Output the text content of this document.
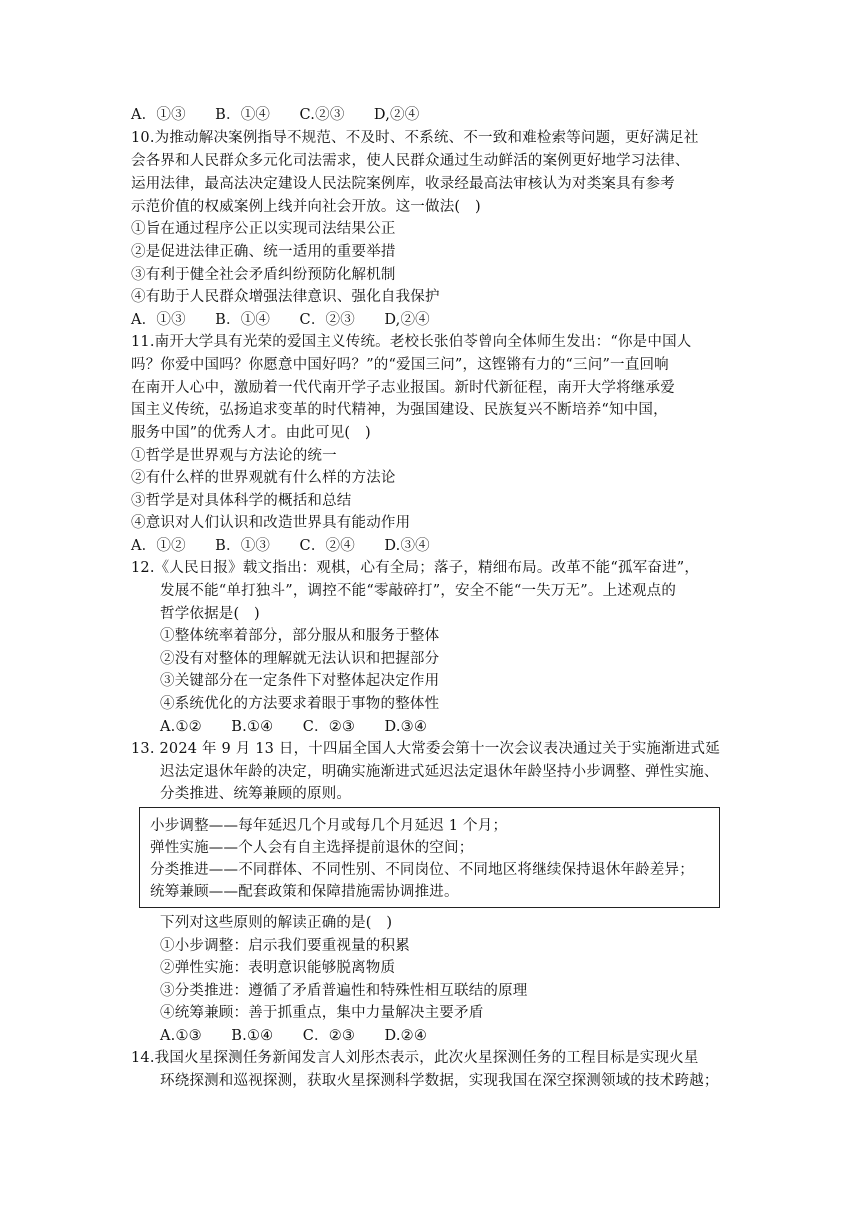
A．①③　　B．①④　　C.②③　　D,②④
10.为推动解决案例指导不规范、不及时、不系统、不一致和难检索等问题，更好满足社
会各界和人民群众多元化司法需求，使人民群众通过生动鲜活的案例更好地学习法律、
运用法律，最高法决定建设人民法院案例库，收录经最高法审核认为对类案具有参考
示范价值的权威案例上线并向社会开放。这一做法(　)
①旨在通过程序公正以实现司法结果公正
②是促进法律正确、统一适用的重要举措
③有利于健全社会矛盾纠纷预防化解机制
④有助于人民群众增强法律意识、强化自我保护
A．①③　　B．①④　　C．②③　　D,②④
11.南开大学具有光荣的爱国主义传统。老校长张伯苓曾向全体师生发出：“你是中国人
吗？你爱中国吗？你愿意中国好吗？”的“爱国三问”，这铿锵有力的“三问”一直回响
在南开人心中，激励着一代代南开学子志业报国。新时代新征程，南开大学将继承爱
国主义传统，弘扬追求变革的时代精神，为强国建设、民族复兴不断培养“知中国，
服务中国”的优秀人才。由此可见(　)
①哲学是世界观与方法论的统一
②有什么样的世界观就有什么样的方法论
③哲学是对具体科学的概括和总结
④意识对人们认识和改造世界具有能动作用
A．①②　　B．①③　　C．②④　　D.③④
12.《人民日报》载文指出：观棋，心有全局；落子，精细布局。改革不能“孤军奋进”，
发展不能“单打独斗”，调控不能“零敲碎打”，安全不能“一失万无”。上述观点的
哲学依据是(　)
①整体统率着部分，部分服从和服务于整体
②没有对整体的理解就无法认识和把握部分
③关键部分在一定条件下对整体起决定作用
④系统优化的方法要求着眼于事物的整体性
A.①②　　B.①④　　C．②③　　D.③④
13. 2024 年 9 月 13 日，十四届全国人大常委会第十一次会议表决通过关于实施渐进式延
迟法定退休年龄的决定，明确实施渐进式延迟法定退休年龄坚持小步调整、弹性实施、
分类推进、统筹兼顾的原则。
小步调整——每年延迟几个月或每几个月延迟 1 个月；
弹性实施——个人会有自主选择提前退休的空间；
分类推进——不同群体、不同性别、不同岗位、不同地区将继续保持退休年龄差异；
统筹兼顾——配套政策和保障措施需协调推进。
下列对这些原则的解读正确的是(　)
①小步调整：启示我们要重视量的积累
②弹性实施：表明意识能够脱离物质
③分类推进：遵循了矛盾普遍性和特殊性相互联结的原理
④统筹兼顾：善于抓重点，集中力量解决主要矛盾
A.①③　　B.①④　　C．②③　　D.②④
14.我国火星探测任务新闻发言人刘彤杰表示，此次火星探测任务的工程目标是实现火星
环绕探测和巡视探测，获取火星探测科学数据，实现我国在深空探测领域的技术跨越；
